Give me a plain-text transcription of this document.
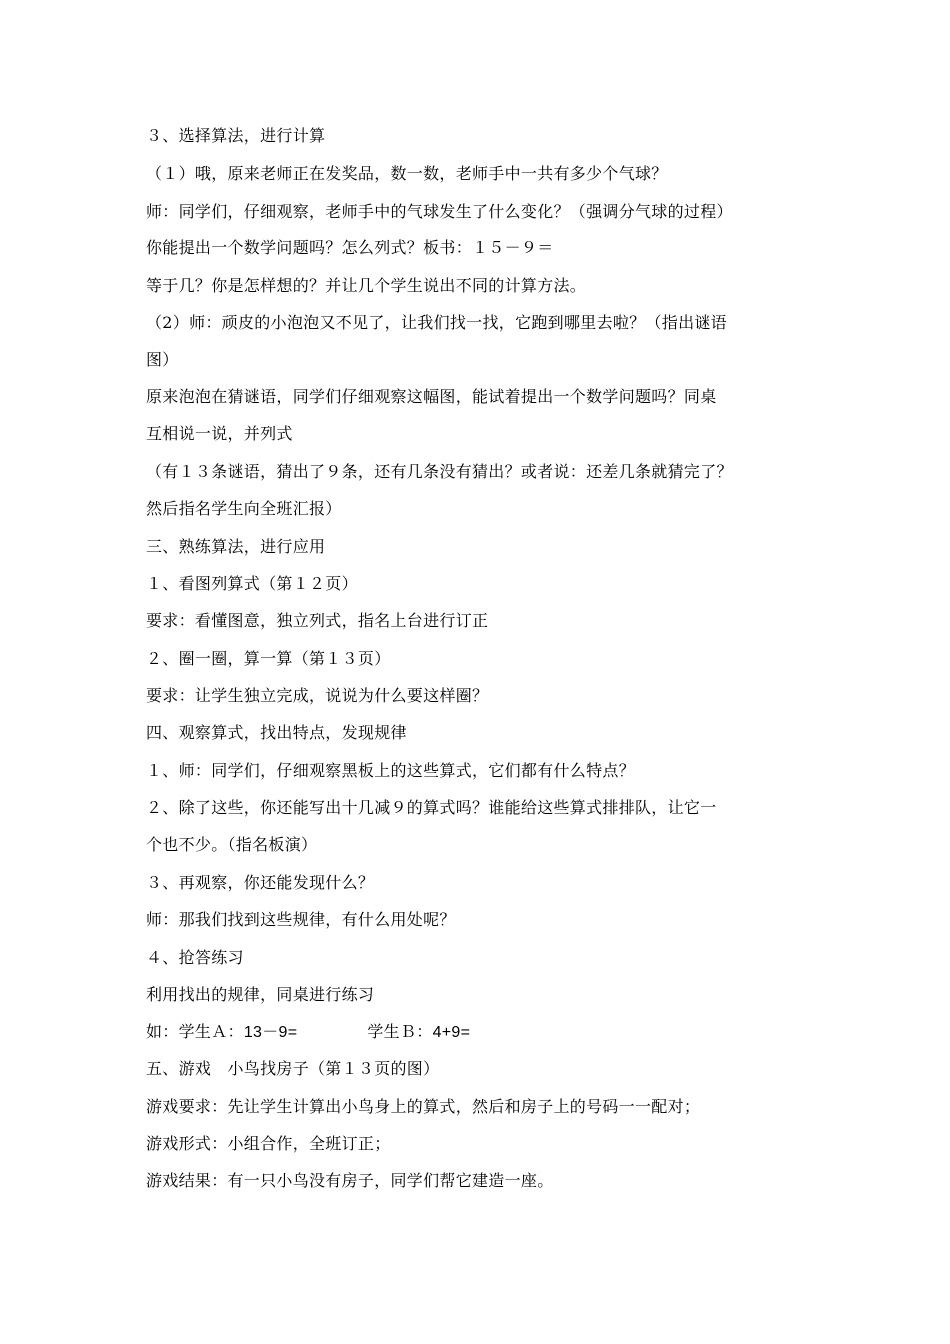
３、选择算法，进行计算
（１）哦，原来老师正在发奖品，数一数，老师手中一共有多少个气球？
师：同学们，仔细观察，老师手中的气球发生了什么变化？（强调分气球的过程）
你能提出一个数学问题吗？怎么列式？板书：１５－９＝
等于几？你是怎样想的？并让几个学生说出不同的计算方法。
（2）师：顽皮的小泡泡又不见了，让我们找一找，它跑到哪里去啦？（指出谜语
图）
原来泡泡在猜谜语，同学们仔细观察这幅图，能试着提出一个数学问题吗？同桌
互相说一说，并列式
（有１３条谜语，猜出了９条，还有几条没有猜出？或者说：还差几条就猜完了？
然后指名学生向全班汇报）
三、熟练算法，进行应用
１、看图列算式（第１２页）
要求：看懂图意，独立列式，指名上台进行订正
２、圈一圈，算一算（第１３页）
要求：让学生独立完成，说说为什么要这样圈？
四、观察算式，找出特点，发现规律
１、师：同学们，仔细观察黑板上的这些算式，它们都有什么特点？
２、除了这些，你还能写出十几减９的算式吗？谁能给这些算式排排队，让它一
个也不少。（指名板演）
３、再观察，你还能发现什么？
师：那我们找到这些规律，有什么用处呢？
４、抢答练习
利用找出的规律，同桌进行练习
如：学生Ａ：13－9=	学生Ｂ：4+9=
五、游戏　小鸟找房子（第１３页的图）
游戏要求：先让学生计算出小鸟身上的算式，然后和房子上的号码一一配对；
游戏形式：小组合作，全班订正；
游戏结果：有一只小鸟没有房子，同学们帮它建造一座。
